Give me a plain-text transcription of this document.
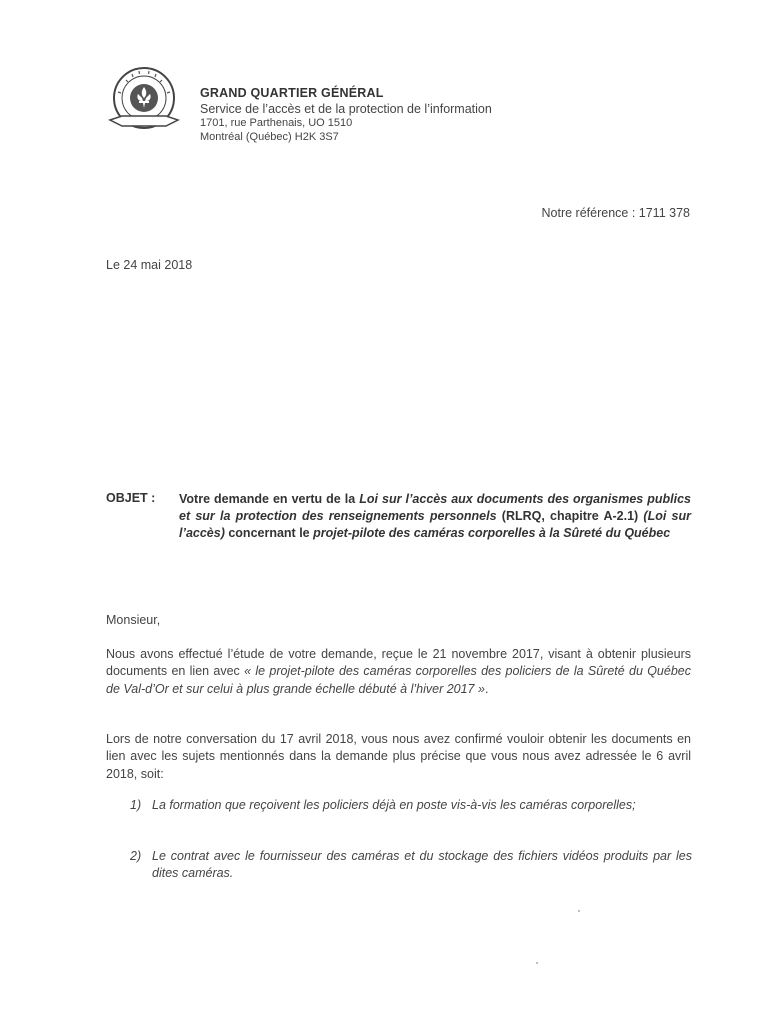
GRAND QUARTIER GÉNÉRAL
Service de l’accès et de la protection de l’information
1701, rue Parthenais, UO 1510
Montréal (Québec) H2K 3S7
Notre référence : 1711 378
Le 24 mai 2018
OBJET : Votre demande en vertu de la Loi sur l’accès aux documents des organismes publics et sur la protection des renseignements personnels (RLRQ, chapitre A-2.1) (Loi sur l’accès) concernant le projet-pilote des caméras corporelles à la Sûreté du Québec
Monsieur,
Nous avons effectué l’étude de votre demande, reçue le 21 novembre 2017, visant à obtenir plusieurs documents en lien avec « le projet-pilote des caméras corporelles des policiers de la Sûreté du Québec de Val-d’Or et sur celui à plus grande échelle débuté à l’hiver 2017 ».
Lors de notre conversation du 17 avril 2018, vous nous avez confirmé vouloir obtenir les documents en lien avec les sujets mentionnés dans la demande plus précise que vous nous avez adressée le 6 avril 2018, soit:
1) La formation que reçoivent les policiers déjà en poste vis-à-vis les caméras corporelles;
2) Le contrat avec le fournisseur des caméras et du stockage des fichiers vidéos produits par les dites caméras.
